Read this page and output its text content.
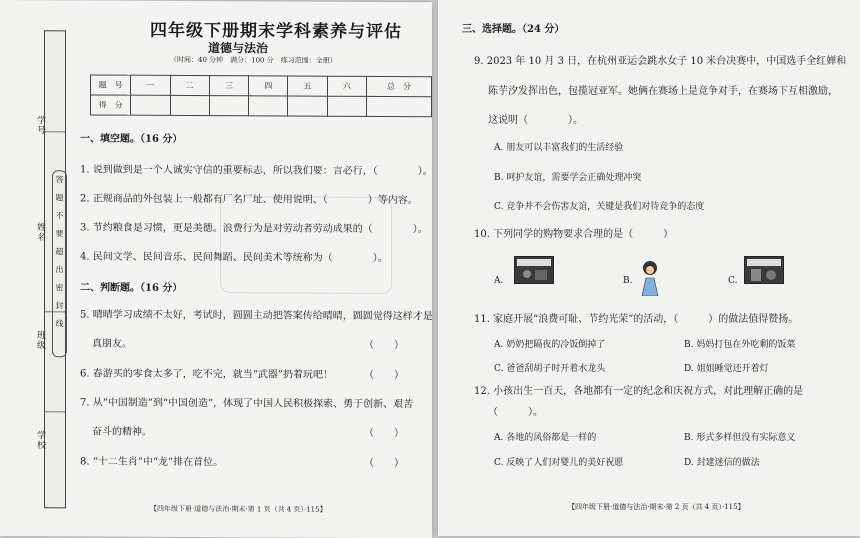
学号
姓名
班级
学校
答
题
不
要
超
出
密
封
线
四年级下册期末学科素养与评估
道德与法治
（时间：40 分钟　满分：100 分　练习范围：全册）
题　号	一	二	三	四	五	六	总　分
得　分							
一、填空题。（16 分）
1. 说到做到是一个人诚实守信的重要标志，所以我们要：言必行，（　　　　）。
2. 正规商品的外包装上一般都有厂名厂址、使用说明、（　　　　）等内容。
3. 节约粮食是习惯，更是美德。浪费行为是对劳动者劳动成果的（　　　　）。
4. 民间文学、民间音乐、民间舞蹈、民间美术等统称为（　　　　）。
二、判断题。（16 分）
5. 晴晴学习成绩不太好，考试时，圆圆主动把答案传给晴晴，圆圆觉得这样才是
真朋友。	（　　）
6. 春游买的零食太多了，吃不完，就当“武器”扔着玩吧！	（　　）
7. 从“中国制造”到“中国创造”，体现了中国人民积极探索、勇于创新、艰苦
奋斗的精神。	（　　）
8. “十二生肖”中“龙”排在首位。	（　　）
【四年级下册·道德与法治·期末·第 1 页（共 4 页）·115】
三、选择题。（24 分）
9. 2023 年 10 月 3 日，在杭州亚运会跳水女子 10 米台决赛中，中国选手全红婵和
陈芋汐发挥出色，包揽冠亚军。她俩在赛场上是竞争对手，在赛场下互相激励，
这说明（　　　　）。
A. 朋友可以丰富我们的生活经验
B. 呵护友谊，需要学会正确处理冲突
C. 竞争并不会伤害友谊，关键是我们对待竞争的态度
10. 下列同学的购物要求合理的是（　　　）
A.	B.	C.
11. 家庭开展“浪费可耻、节约光荣”的活动，（　　　）的做法值得赞扬。
A. 奶奶把隔夜的冷饭倒掉了	B. 妈妈打包在外吃剩的饭菜
C. 爸爸刮胡子时开着水龙头	D. 姐姐睡觉还开着灯
12. 小孩出生一百天，各地都有一定的纪念和庆祝方式，对此理解正确的是
（　　　）。
A. 各地的风俗都是一样的	B. 形式多样但没有实际意义
C. 反映了人们对婴儿的美好祝愿	D. 封建迷信的做法
【四年级下册·道德与法治·期末·第 2 页（共 4 页）·115】
